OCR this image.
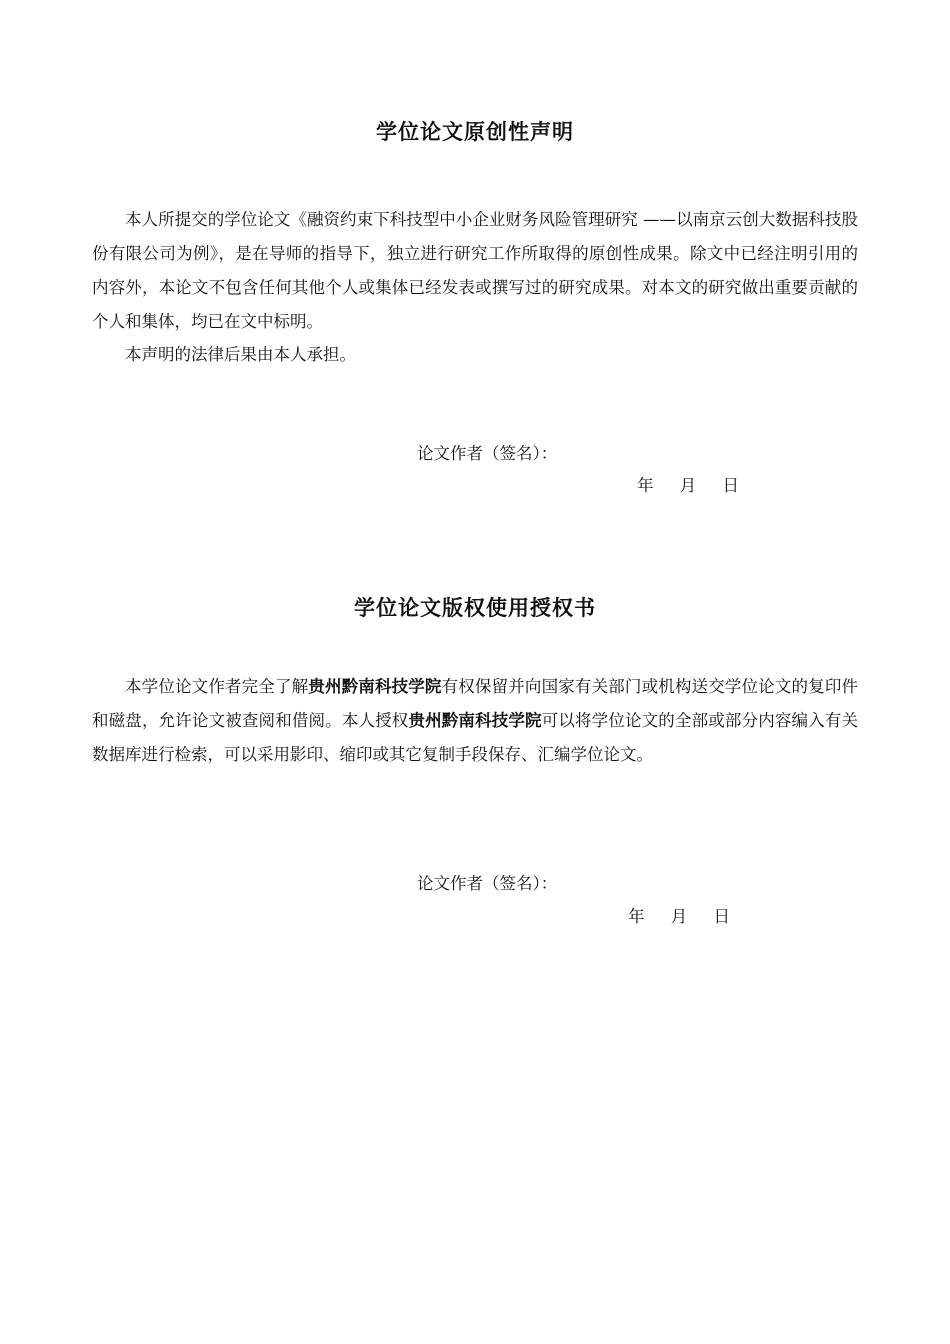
学位论文原创性声明

本人所提交的学位论文《融资约束下科技型中小企业财务风险管理研究 ——以南京云创大数据科技股份有限公司为例》，是在导师的指导下，独立进行研究工作所取得的原创性成果。除文中已经注明引用的内容外，本论文不包含任何其他个人或集体已经发表或撰写过的研究成果。对本文的研究做出重要贡献的个人和集体，均已在文中标明。

本声明的法律后果由本人承担。

论文作者（签名）：

年     月     日

学位论文版权使用授权书

本学位论文作者完全了解贵州黔南科技学院有权保留并向国家有关部门或机构送交学位论文的复印件和磁盘，允许论文被查阅和借阅。本人授权贵州黔南科技学院可以将学位论文的全部或部分内容编入有关数据库进行检索，可以采用影印、缩印或其它复制手段保存、汇编学位论文。

论文作者（签名）：

年     月     日
